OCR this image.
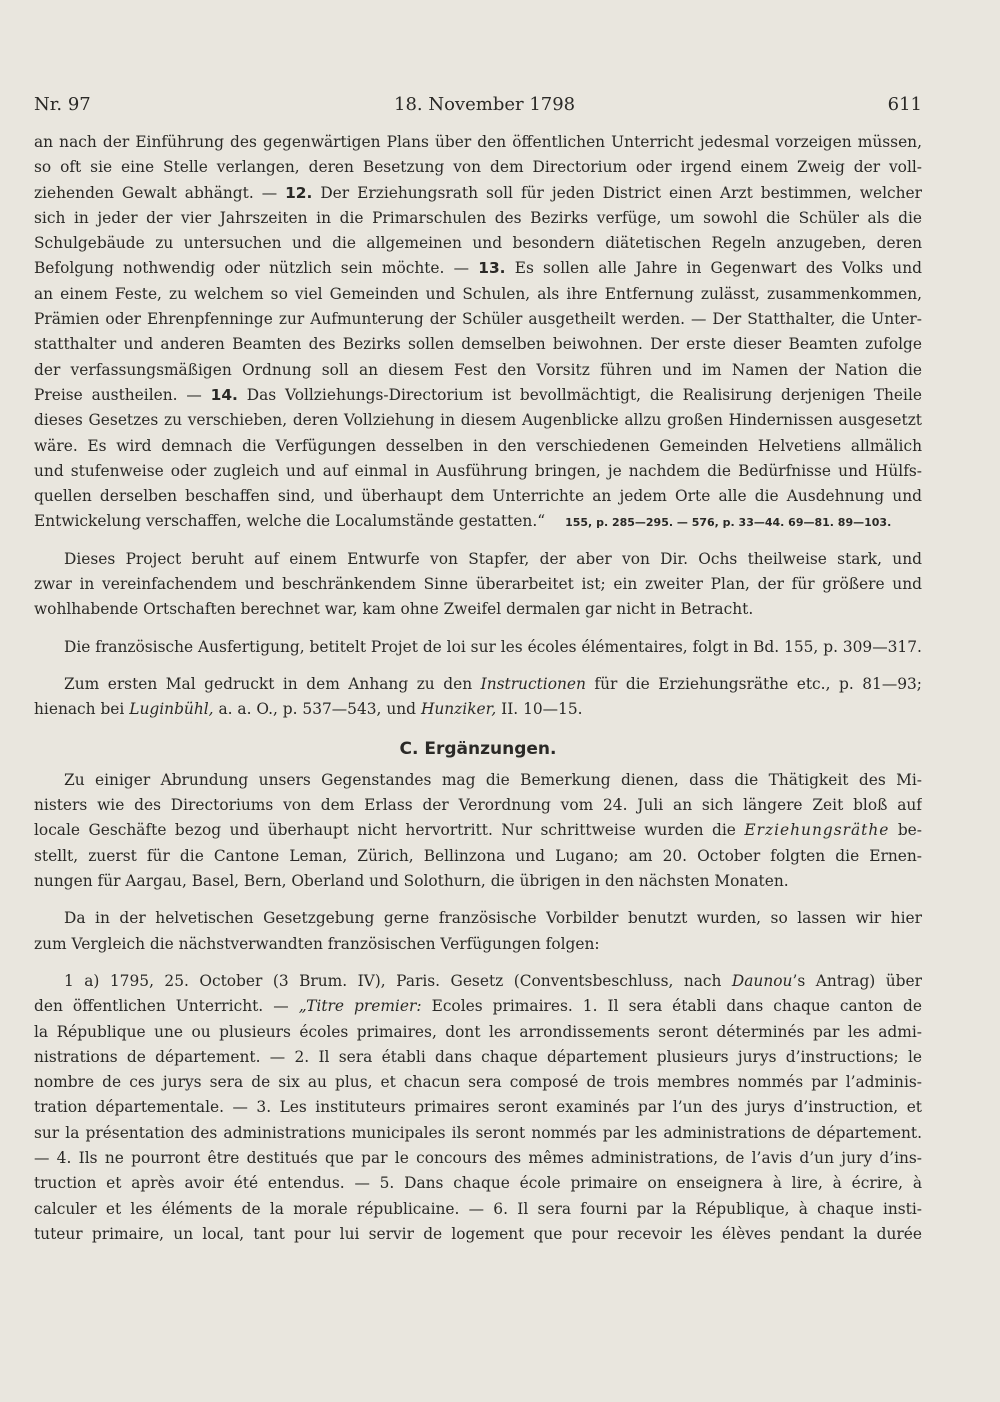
Nr. 97	18. November 1798	611
an nach der Einführung des gegenwärtigen Plans über den öffentlichen Unterricht jedesmal vorzeigen müssen,
so oft sie eine Stelle verlangen, deren Besetzung von dem Directorium oder irgend einem Zweig der voll-
ziehenden Gewalt abhängt. — 12. Der Erziehungsrath soll für jeden District einen Arzt bestimmen, welcher
sich in jeder der vier Jahrszeiten in die Primarschulen des Bezirks verfüge, um sowohl die Schüler als die
Schulgebäude zu untersuchen und die allgemeinen und besondern diätetischen Regeln anzugeben, deren
Befolgung nothwendig oder nützlich sein möchte. — 13. Es sollen alle Jahre in Gegenwart des Volks und
an einem Feste, zu welchem so viel Gemeinden und Schulen, als ihre Entfernung zulässt, zusammenkommen,
Prämien oder Ehrenpfenninge zur Aufmunterung der Schüler ausgetheilt werden. — Der Statthalter, die Unter-
statthalter und anderen Beamten des Bezirks sollen demselben beiwohnen. Der erste dieser Beamten zufolge
der verfassungsmäßigen Ordnung soll an diesem Fest den Vorsitz führen und im Namen der Nation die
Preise austheilen. — 14. Das Vollziehungs-Directorium ist bevollmächtigt, die Realisirung derjenigen Theile
dieses Gesetzes zu verschieben, deren Vollziehung in diesem Augenblicke allzu großen Hindernissen ausgesetzt
wäre. Es wird demnach die Verfügungen desselben in den verschiedenen Gemeinden Helvetiens allmälich
und stufenweise oder zugleich und auf einmal in Ausführung bringen, je nachdem die Bedürfnisse und Hülfs-
quellen derselben beschaffen sind, und überhaupt dem Unterrichte an jedem Orte alle die Ausdehnung und
Entwickelung verschaffen, welche die Localumstände gestatten.“ 155, p. 285—295. — 576, p. 33—44. 69—81. 89—103.
Dieses Project beruht auf einem Entwurfe von Stapfer, der aber von Dir. Ochs theilweise stark, und
zwar in vereinfachendem und beschränkendem Sinne überarbeitet ist; ein zweiter Plan, der für größere und
wohlhabende Ortschaften berechnet war, kam ohne Zweifel dermalen gar nicht in Betracht.
Die französische Ausfertigung, betitelt Projet de loi sur les écoles élémentaires, folgt in Bd. 155, p. 309—317.
Zum ersten Mal gedruckt in dem Anhang zu den Instructionen für die Erziehungsräthe etc., p. 81—93;
hienach bei Luginbühl, a. a. O., p. 537—543, und Hunziker, II. 10—15.
C. Ergänzungen.
Zu einiger Abrundung unsers Gegenstandes mag die Bemerkung dienen, dass die Thätigkeit des Mi-
nisters wie des Directoriums von dem Erlass der Verordnung vom 24. Juli an sich längere Zeit bloß auf
locale Geschäfte bezog und überhaupt nicht hervortritt. Nur schrittweise wurden die Erziehungsräthe be-
stellt, zuerst für die Cantone Leman, Zürich, Bellinzona und Lugano; am 20. October folgten die Ernen-
nungen für Aargau, Basel, Bern, Oberland und Solothurn, die übrigen in den nächsten Monaten.
Da in der helvetischen Gesetzgebung gerne französische Vorbilder benutzt wurden, so lassen wir hier
zum Vergleich die nächstverwandten französischen Verfügungen folgen:
1 a) 1795, 25. October (3 Brum. IV), Paris. Gesetz (Conventsbeschluss, nach Daunou’s Antrag) über
den öffentlichen Unterricht. — „Titre premier: Ecoles primaires. 1. Il sera établi dans chaque canton de
la République une ou plusieurs écoles primaires, dont les arrondissements seront déterminés par les admi-
nistrations de département. — 2. Il sera établi dans chaque département plusieurs jurys d’instructions; le
nombre de ces jurys sera de six au plus, et chacun sera composé de trois membres nommés par l’adminis-
tration départementale. — 3. Les instituteurs primaires seront examinés par l’un des jurys d’instruction, et
sur la présentation des administrations municipales ils seront nommés par les administrations de département.
— 4. Ils ne pourront être destitués que par le concours des mêmes administrations, de l’avis d’un jury d’ins-
truction et après avoir été entendus. — 5. Dans chaque école primaire on enseignera à lire, à écrire, à
calculer et les éléments de la morale républicaine. — 6. Il sera fourni par la République, à chaque insti-
tuteur primaire, un local, tant pour lui servir de logement que pour recevoir les élèves pendant la durée
